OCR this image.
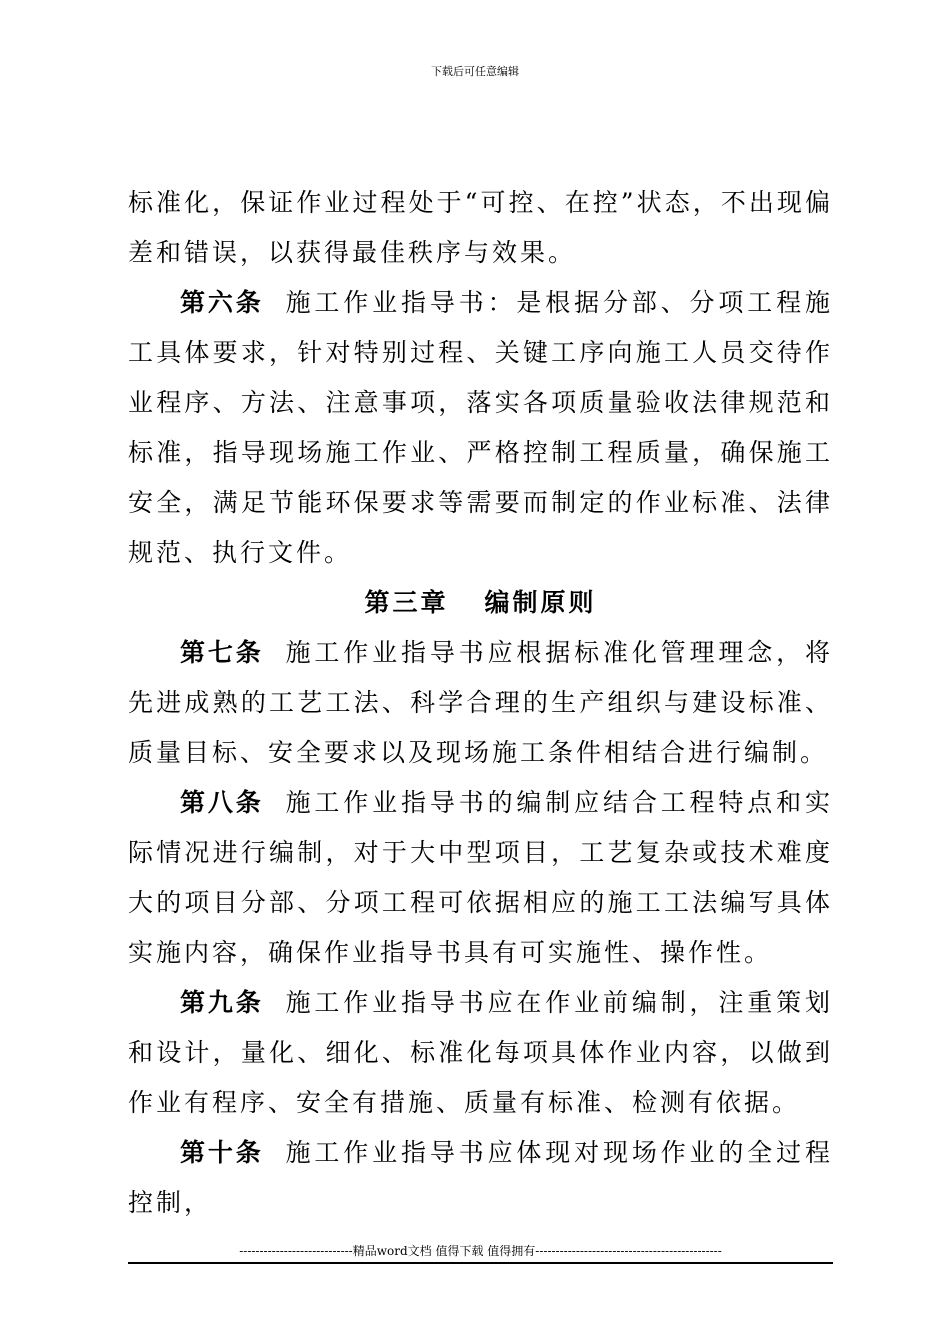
下载后可任意编辑

标准化，保证作业过程处于“可控、在控”状态，不出现偏差和错误，以获得最佳秩序与效果。

第六条 施工作业指导书：是根据分部、分项工程施工具体要求，针对特别过程、关键工序向施工人员交待作业程序、方法、注意事项，落实各项质量验收法律规范和标准，指导现场施工作业、严格控制工程质量，确保施工安全，满足节能环保要求等需要而制定的作业标准、法律规范、执行文件。

第三章 编制原则

第七条 施工作业指导书应根据标准化管理理念，将先进成熟的工艺工法、科学合理的生产组织与建设标准、质量目标、安全要求以及现场施工条件相结合进行编制。

第八条 施工作业指导书的编制应结合工程特点和实际情况进行编制，对于大中型项目，工艺复杂或技术难度大的项目分部、分项工程可依据相应的施工工法编写具体实施内容，确保作业指导书具有可实施性、操作性。

第九条 施工作业指导书应在作业前编制，注重策划和设计，量化、细化、标准化每项具体作业内容，以做到作业有程序、安全有措施、质量有标准、检测有依据。

第十条 施工作业指导书应体现对现场作业的全过程控制，

----------------------------精品word文档 值得下载 值得拥有----------------------------------------------
